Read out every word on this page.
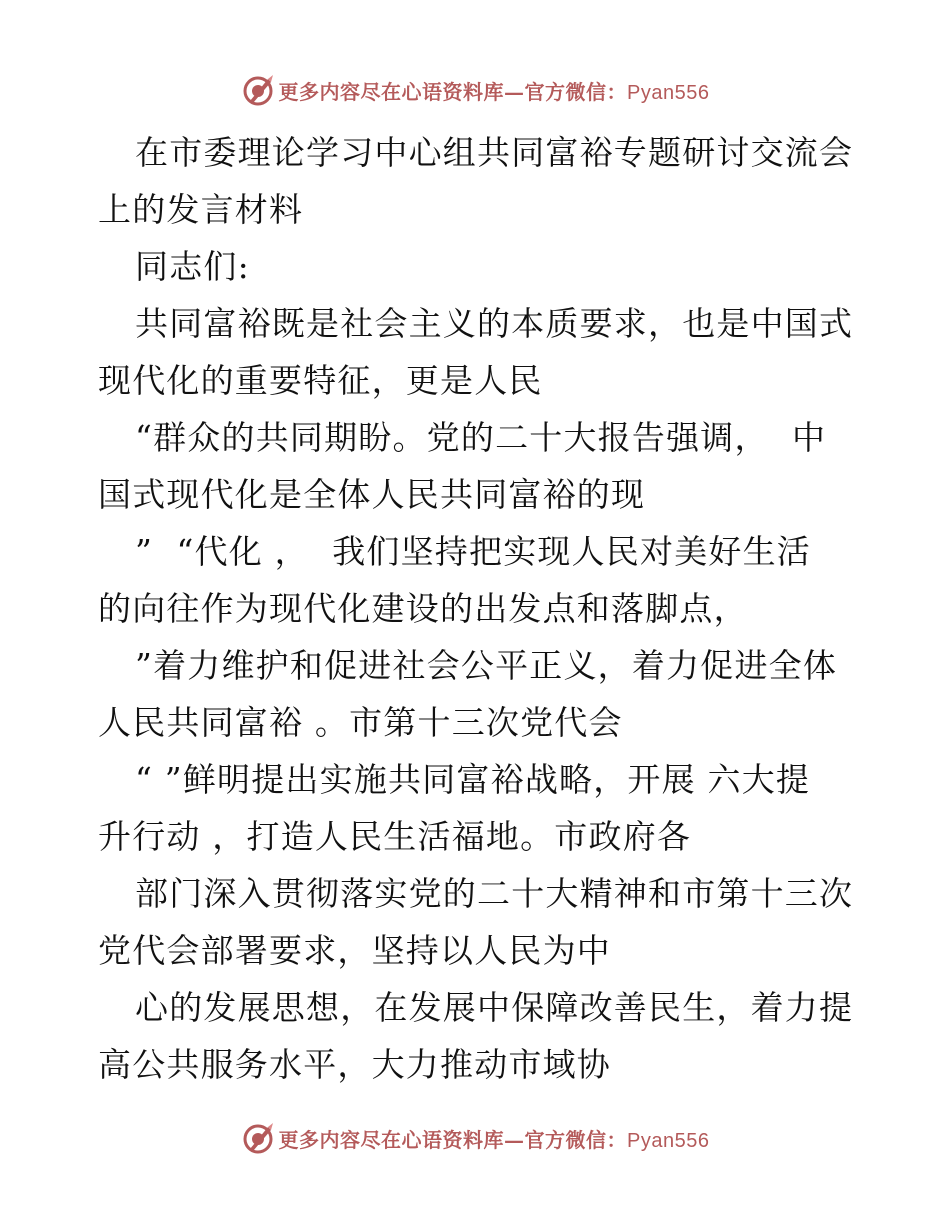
更多内容尽在心语资料库—官方微信：Pyan556
在市委理论学习中心组共同富裕专题研讨交流会
上的发言材料
同志们:
共同富裕既是社会主义的本质要求，也是中国式
现代化的重要特征，更是人民
“群众的共同期盼。党的二十大报告强调，  中
国式现代化是全体人民共同富裕的现
”  “代化 ，  我们坚持把实现人民对美好生活
的向往作为现代化建设的出发点和落脚点，
”着力维护和促进社会公平正义，着力促进全体
人民共同富裕 。市第十三次党代会
“ ”鲜明提出实施共同富裕战略，开展 六大提
升行动 ，打造人民生活福地。市政府各
部门深入贯彻落实党的二十大精神和市第十三次
党代会部署要求，坚持以人民为中
心的发展思想，在发展中保障改善民生，着力提
高公共服务水平，大力推动市域协
更多内容尽在心语资料库—官方微信：Pyan556
